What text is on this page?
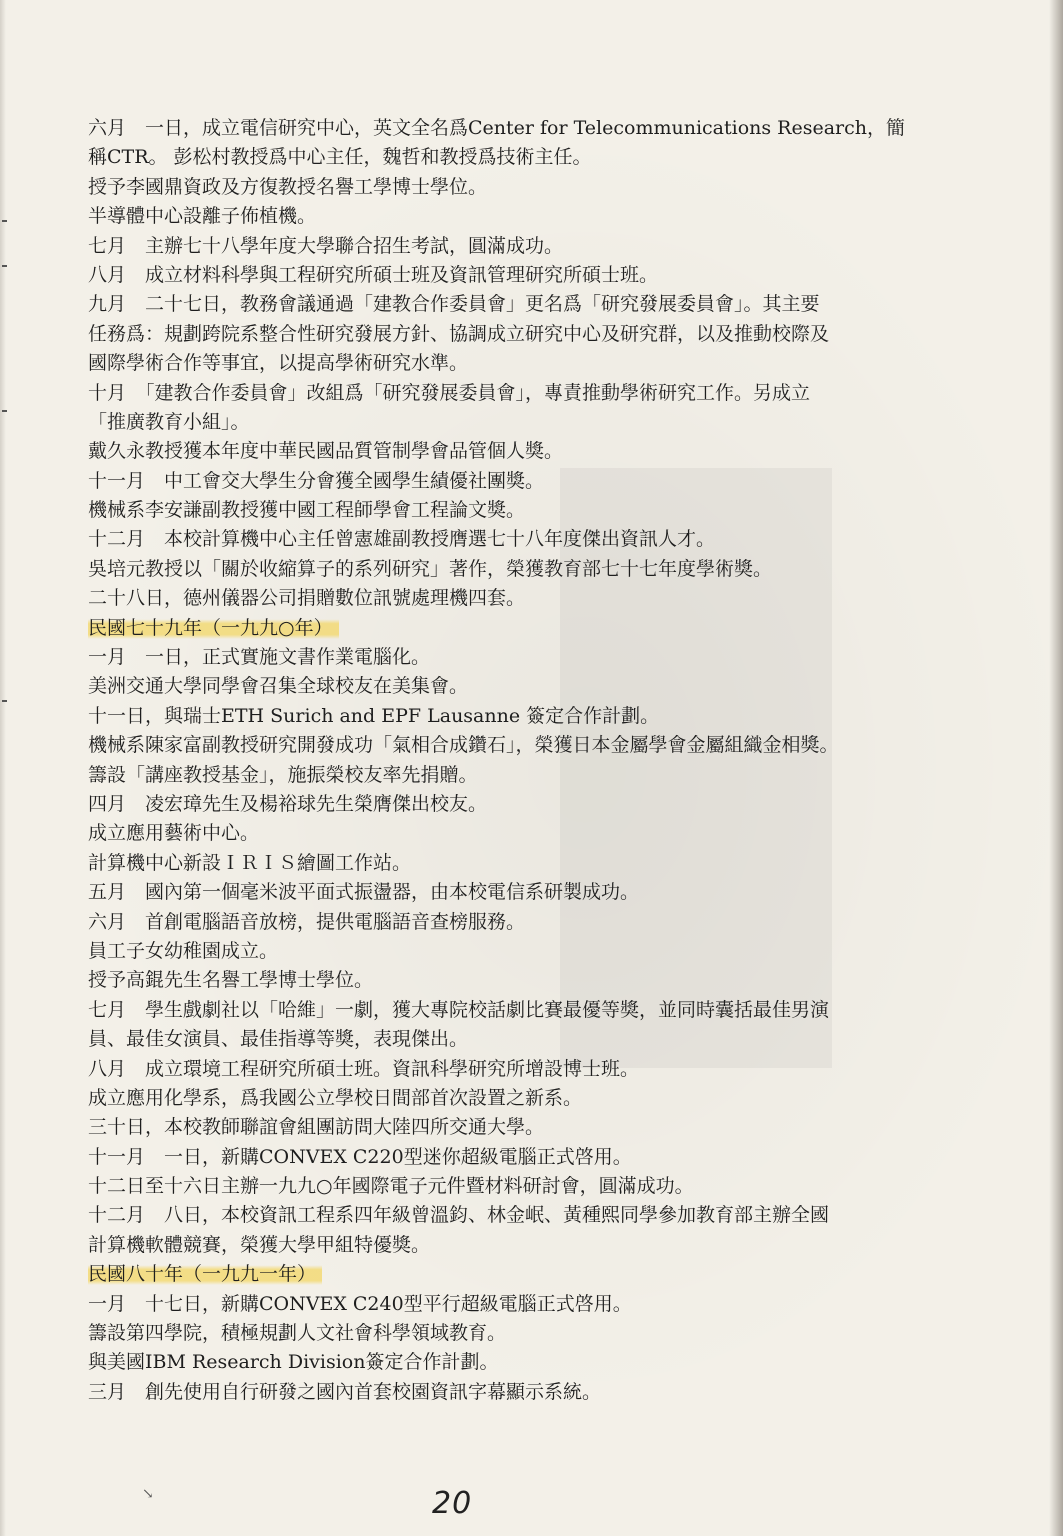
六月　一日，成立電信研究中心，英文全名爲Center for Telecommunications Research，簡
稱CTR。 彭松村教授爲中心主任，魏哲和教授爲技術主任。
授予李國鼎資政及方復教授名譽工學博士學位。
半導體中心設離子佈植機。
七月　主辦七十八學年度大學聯合招生考試，圓滿成功。
八月　成立材料科學與工程研究所碩士班及資訊管理研究所碩士班。
九月　二十七日，教務會議通過「建教合作委員會」更名爲「研究發展委員會」。其主要
任務爲：規劃跨院系整合性研究發展方針、協調成立研究中心及研究群，以及推動校際及
國際學術合作等事宜，以提高學術研究水準。
十月　「建教合作委員會」改組爲「研究發展委員會」，專責推動學術研究工作。另成立
「推廣教育小組」。
戴久永教授獲本年度中華民國品質管制學會品管個人獎。
十一月　中工會交大學生分會獲全國學生績優社團獎。
機械系李安謙副教授獲中國工程師學會工程論文獎。
十二月　本校計算機中心主任曾憲雄副教授膺選七十八年度傑出資訊人才。
吳培元教授以「關於收縮算子的系列研究」著作，榮獲教育部七十七年度學術獎。
二十八日，德州儀器公司捐贈數位訊號處理機四套。
民國七十九年（一九九○年）
一月　一日，正式實施文書作業電腦化。
美洲交通大學同學會召集全球校友在美集會。
十一日，與瑞士ETH Surich and EPF Lausanne 簽定合作計劃。
機械系陳家富副教授研究開發成功「氣相合成鑽石」，榮獲日本金屬學會金屬組織金相獎。
籌設「講座教授基金」，施振榮校友率先捐贈。
四月　凌宏璋先生及楊裕球先生榮膺傑出校友。
成立應用藝術中心。
計算機中心新設ＩＲＩＳ繪圖工作站。
五月　國內第一個毫米波平面式振盪器，由本校電信系研製成功。
六月　首創電腦語音放榜，提供電腦語音查榜服務。
員工子女幼稚園成立。
授予高錕先生名譽工學博士學位。
七月　學生戲劇社以「哈維」一劇，獲大專院校話劇比賽最優等獎，並同時囊括最佳男演
員、最佳女演員、最佳指導等獎，表現傑出。
八月　成立環境工程研究所碩士班。資訊科學研究所增設博士班。
成立應用化學系，爲我國公立學校日間部首次設置之新系。
三十日，本校教師聯誼會組團訪問大陸四所交通大學。
十一月　一日，新購CONVEX C220型迷你超級電腦正式啓用。
十二日至十六日主辦一九九○年國際電子元件暨材料研討會，圓滿成功。
十二月　八日，本校資訊工程系四年級曾溫鈞、林金岷、黃種熙同學參加教育部主辦全國
計算機軟體競賽，榮獲大學甲組特優獎。
民國八十年（一九九一年）
一月　十七日，新購CONVEX C240型平行超級電腦正式啓用。
籌設第四學院，積極規劃人文社會科學領域教育。
與美國IBM Research Division簽定合作計劃。
三月　創先使用自行研發之國內首套校園資訊字幕顯示系統。
↘	20
